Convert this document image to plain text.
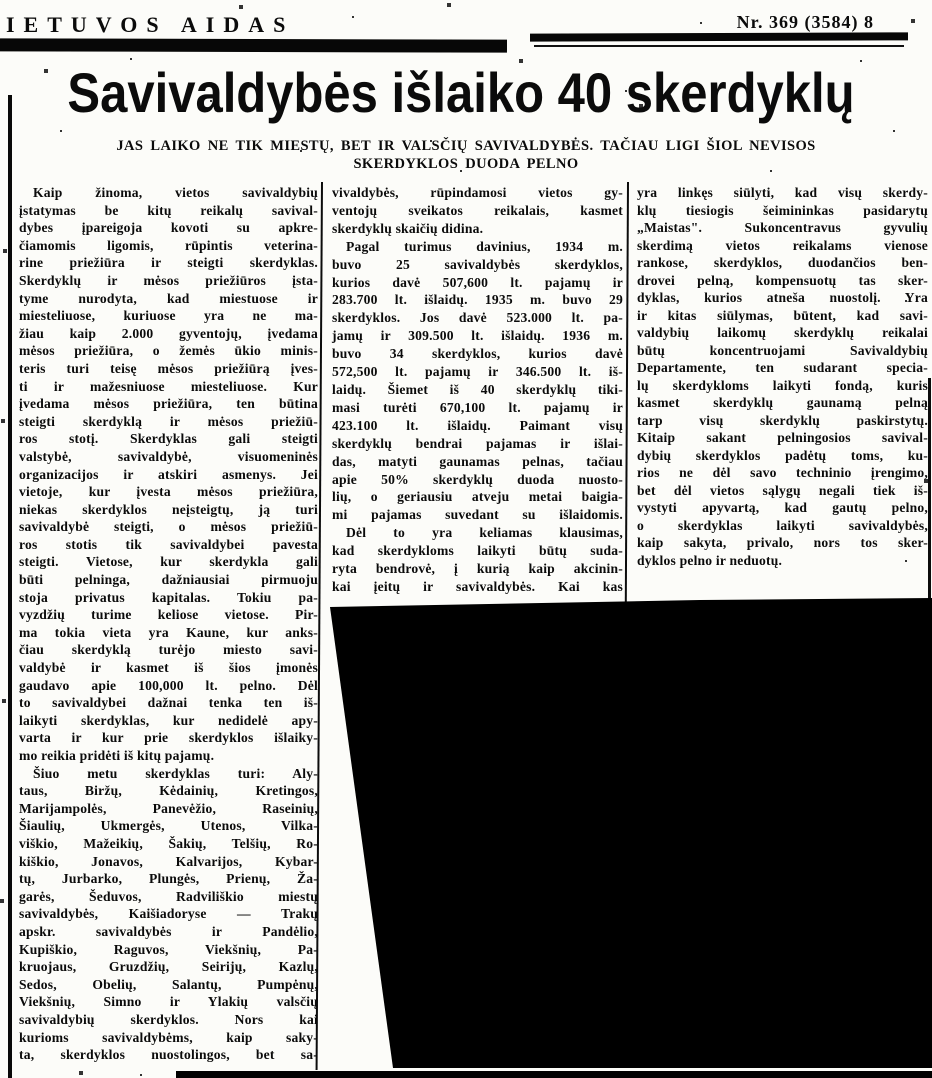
IETUVOS AIDAS	Nr. 369 (3584) 8
Savivaldybės išlaiko 40 skerdyklų
JAS LAIKO NE TIK MIESTŲ, BET IR VALSČIŲ SAVIVALDYBĖS. TAČIAU LIGI ŠIOL NEVISOS
SKERDYKLOS DUODA PELNO
  Kaip žinoma, vietos savivaldybių
įstatymas be kitų reikalų savival-
dybes įpareigoja kovoti su apkre-
čiamomis ligomis, rūpintis veterina-
rine priežiūra ir steigti skerdyklas.
Skerdyklų ir mėsos priežiūros įsta-
tyme nurodyta, kad miestuose ir
miesteliuose, kuriuose yra ne ma-
žiau kaip 2.000 gyventojų, įvedama
mėsos priežiūra, o žemės ūkio minis-
teris turi teisę mėsos priežiūrą įves-
ti ir mažesniuose miesteliuose. Kur
įvedama mėsos priežiūra, ten būtina
steigti skerdyklą ir mėsos priežiū-
ros stotį. Skerdyklas gali steigti
valstybė, savivaldybė, visuomeninės
organizacijos ir atskiri asmenys. Jei
vietoje, kur įvesta mėsos priežiūra,
niekas skerdyklos neįsteigtų, ją turi
savivaldybė steigti, o mėsos priežiū-
ros stotis tik savivaldybei pavesta
steigti. Vietose, kur skerdykla gali
būti pelninga, dažniausiai pirmuoju
stoja privatus kapitalas. Tokiu pa-
vyzdžių turime keliose vietose. Pir-
ma tokia vieta yra Kaune, kur anks-
čiau skerdyklą turėjo miesto savi-
valdybė ir kasmet iš šios įmonės
gaudavo apie 100,000 lt. pelno. Dėl
to savivaldybei dažnai tenka ten iš-
laikyti skerdyklas, kur nedidelė apy-
varta ir kur prie skerdyklos išlaiky-
mo reikia pridėti iš kitų pajamų.
  Šiuo metu skerdyklas turi: Aly-
taus, Biržų, Kėdainių, Kretingos,
Marijampolės, Panevėžio, Raseinių,
Šiaulių, Ukmergės, Utenos, Vilka-
viškio, Mažeikių, Šakių, Telšių, Ro-
kiškio, Jonavos, Kalvarijos, Kybar-
tų, Jurbarko, Plungės, Prienų, Ža-
garės, Šeduvos, Radviliškio miestų
savivaldybės, Kaišiadoryse — Trakų
apskr. savivaldybės ir Pandėlio,
Kupiškio, Raguvos, Viekšnių, Pa-
kruojaus, Gruzdžių, Seirijų, Kazlų,
Sedos, Obelių, Salantų, Pumpėnų,
Viekšnių, Simno ir Ylakių valsčių
savivaldybių skerdyklos. Nors kai
kurioms savivaldybėms, kaip saky-
ta, skerdyklos nuostolingos, bet sa-
vivaldybės, rūpindamosi vietos gy-
ventojų sveikatos reikalais, kasmet
skerdyklų skaičių didina.
  Pagal turimus davinius, 1934 m.
buvo 25 savivaldybės skerdyklos,
kurios davė 507,600 lt. pajamų ir
283.700 lt. išlaidų. 1935 m. buvo 29
skerdyklos. Jos davė 523.000 lt. pa-
jamų ir 309.500 lt. išlaidų. 1936 m.
buvo 34 skerdyklos, kurios davė
572,500 lt. pajamų ir 346.500 lt. iš-
laidų. Šiemet iš 40 skerdyklų tiki-
masi turėti 670,100 lt. pajamų ir
423.100 lt. išlaidų. Paimant visų
skerdyklų bendrai pajamas ir išlai-
das, matyti gaunamas pelnas, tačiau
apie 50% skerdyklų duoda nuosto-
lių, o geriausiu atveju metai baigia-
mi pajamas suvedant su išlaidomis.
  Dėl to yra keliamas klausimas,
kad skerdykloms laikyti būtų suda-
ryta bendrovė, į kurią kaip akcinin-
kai įeitų ir savivaldybės. Kai kas
yra linkęs siūlyti, kad visų skerdy-
klų tiesiogis šeimininkas pasidarytų
„Maistas". Sukoncentravus gyvulių
skerdimą vietos reikalams vienose
rankose, skerdyklos, duodančios ben-
drovei pelną, kompensuotų tas sker-
dyklas, kurios atneša nuostolį. Yra
ir kitas siūlymas, būtent, kad savi-
valdybių laikomų skerdyklų reikalai
būtų koncentruojami Savivaldybių
Departamente, ten sudarant specia-
lų skerdykloms laikyti fondą, kuris
kasmet skerdyklų gaunamą pelną
tarp visų skerdyklų paskirstytų.
Kitaip sakant pelningosios savival-
dybių skerdyklos padėtų toms, ku-
rios ne dėl savo techninio įrengimo,
bet dėl vietos sąlygų negali tiek iš-
vystyti apyvartą, kad gautų pelno,
o skerdyklas laikyti savivaldybės,
kaip sakyta, privalo, nors tos sker-
dyklos pelno ir neduotų.
